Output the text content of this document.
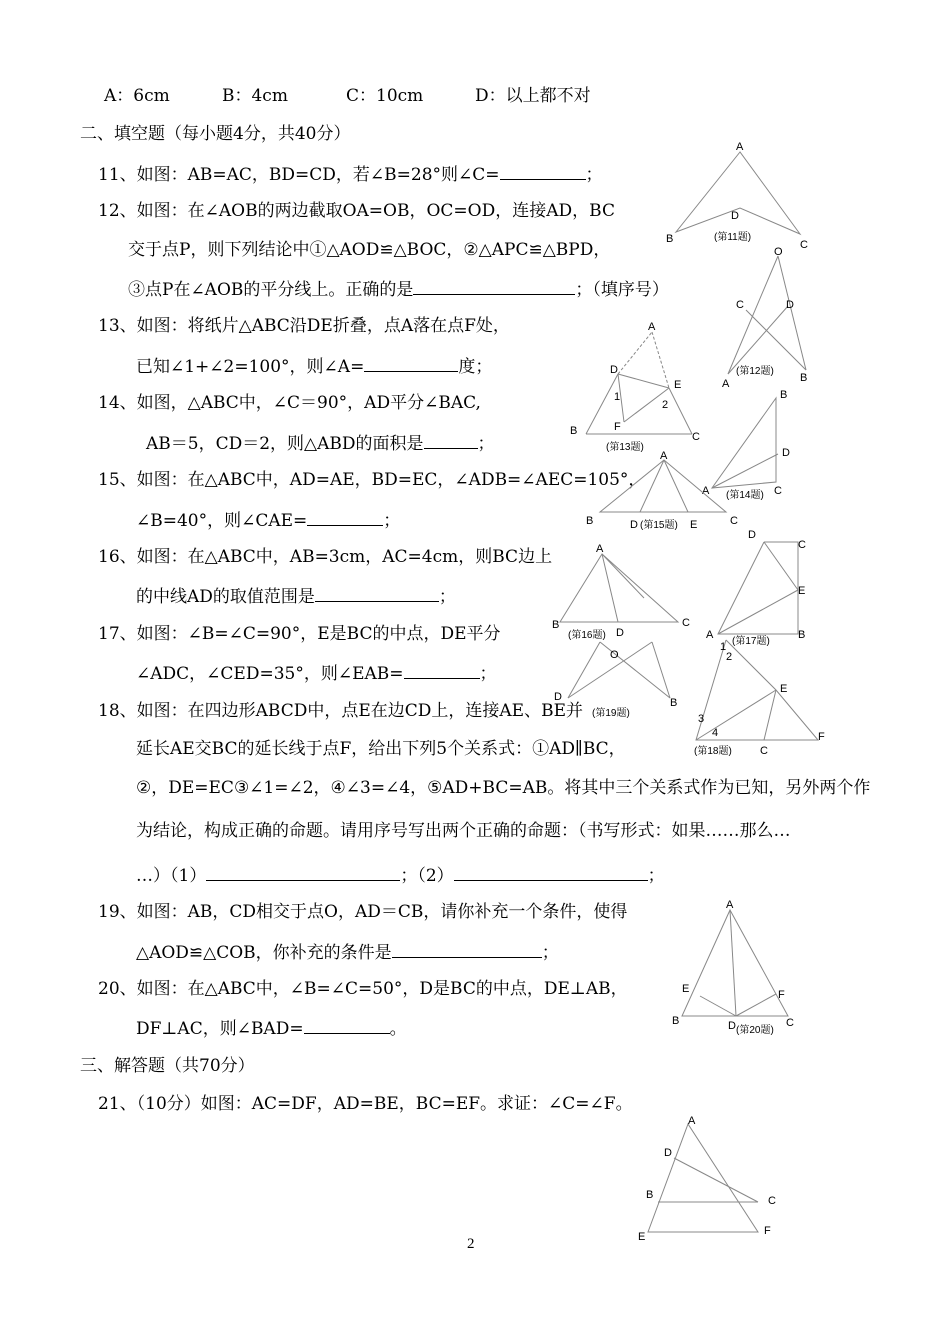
A：6cm	B：4cm	C：10cm	D：以上都不对
二、填空题（每小题4分，共40分）
11、如图：AB=AC，BD=CD，若∠B=28°则∠C=	；
12、如图：在∠AOB的两边截取OA=OB，OC=OD，连接AD，BC
交于点P，则下列结论中①△AOD≌△BOC，②△APC≌△BPD，
③点P在∠AOB的平分线上。正确的是	；（填序号）
13、如图：将纸片△ABC沿DE折叠，点A落在点F处，
已知∠1+∠2=100°，则∠A=	度；
14、如图，△ABC中，∠C＝90°，AD平分∠BAC,
AB＝5，CD＝2，则△ABD的面积是	；
15、如图：在△ABC中，AD=AE，BD=EC，∠ADB=∠AEC=105°，
∠B=40°，则∠CAE=	；
16、如图：在△ABC中，AB=3cm，AC=4cm，则BC边上
的中线AD的取值范围是	；
17、如图：∠B=∠C=90°，E是BC的中点，DE平分
∠ADC，∠CED=35°，则∠EAB=	；
18、如图：在四边形ABCD中，点E在边CD上，连接AE、BE并
延长AE交BC的延长线于点F，给出下列5个关系式：①AD∥BC，
②，DE=EC③∠1=∠2，④∠3=∠4，⑤AD+BC=AB。将其中三个关系式作为已知，另外两个作
为结论，构成正确的命题。请用序号写出两个正确的命题：（书写形式：如果……那么…
…）（1）	；（2）	；
19、如图：AB，CD相交于点O，AD＝CB，请你补充一个条件，使得
△AOD≌△COB，你补充的条件是	；
20、如图：在△ABC中，∠B=∠C=50°，D是BC的中点，DE⊥AB，
DF⊥AC，则∠BAD=	。
三、解答题（共70分）
21、（10分）如图：AC=DF，AD=BE，BC=EF。求证：∠C=∠F。
2
A
D
B	C
(第11题)
O
C	D
(第12题)
A	B
A
D
E
1
2
F
B	C
(第13题)
B
D
A	C
(第14题)
A
B	D (第15题) E	C
A
B	C
(第16题) D
D
C
E
A
(第17题)
B
O
D	B
(第19题)
1
2
E
3
4	F
(第18题)	C
A
E	F
B	D (第20题)
C
A
D
B	C
E	F
